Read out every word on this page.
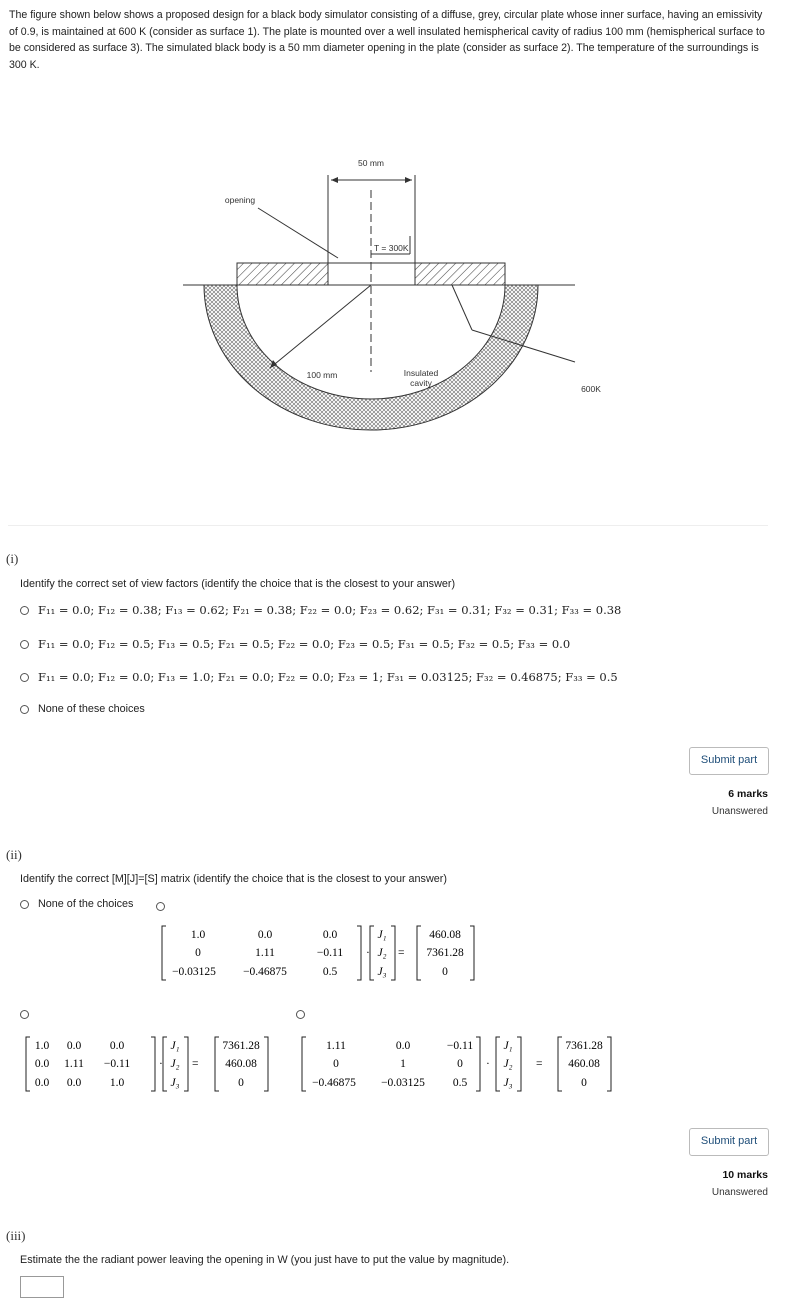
The figure shown below shows a proposed design for a black body simulator consisting of a diffuse, grey, circular plate whose inner surface, having an emissivity of 0.9, is maintained at 600 K (consider as surface 1). The plate is mounted over a well insulated hemispherical cavity of radius 100 mm (hemispherical surface to be considered as surface 3). The simulated black body is a 50 mm diameter opening in the plate (consider as surface 2). The temperature of the surroundings is 300 K.
50 mm
opening
T = 300K
100 mm	Insulated
cavity
600K
(i)
Identify the correct set of view factors (identify the choice that is the closest to your answer)
F₁₁ = 0.0; F₁₂ = 0.38; F₁₃ = 0.62; F₂₁ = 0.38; F₂₂ = 0.0; F₂₃ = 0.62; F₃₁ = 0.31; F₃₂ = 0.31; F₃₃ = 0.38
F₁₁ = 0.0; F₁₂ = 0.5; F₁₃ = 0.5; F₂₁ = 0.5; F₂₂ = 0.0; F₂₃ = 0.5; F₃₁ = 0.5; F₃₂ = 0.5; F₃₃ = 0.0
F₁₁ = 0.0; F₁₂ = 0.0; F₁₃ = 1.0; F₂₁ = 0.0; F₂₂ = 0.0; F₂₃ = 1; F₃₁ = 0.03125; F₃₂ = 0.46875; F₃₃ = 0.5
None of these choices
Submit part
6 marks
Unanswered
(ii)
Identify the correct [M][J]=[S] matrix (identify the choice that is the closest to your answer)
None of the choices
1.0	0.0	0.0
0	1.11	−0.11
−0.03125 −0.46875	0.5
·
J₁
J₂
J₃
=
460.08
7361.28
0
1.0 0.0 0.0
0.0 1.11 −0.11
0.0 0.0 1.0
·
J₁
J₂
J₃
=
7361.28
460.08
0
1.11	0.0	−0.11
0	1	0
−0.46875 −0.03125 0.5
·
J₁
J₂
J₃
=
7361.28
460.08
0
Submit part
10 marks
Unanswered
(iii)
Estimate the the radiant power leaving the opening in W (you just have to put the value by magnitude).
